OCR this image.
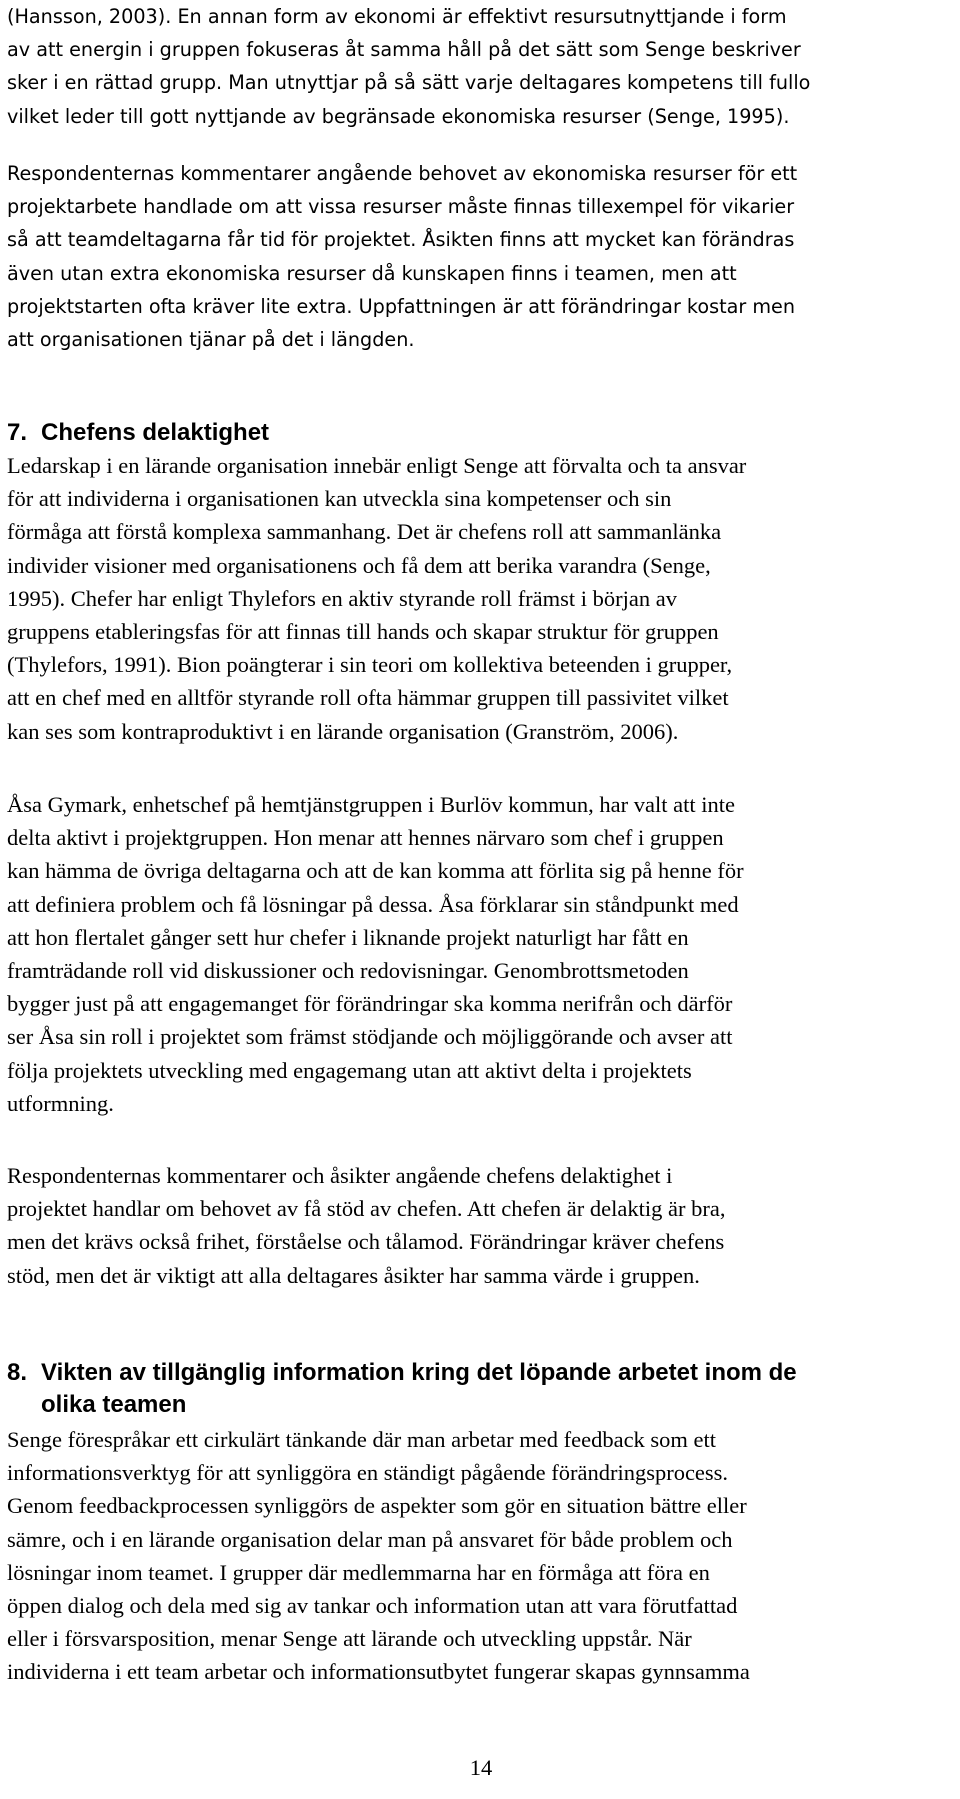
(Hansson, 2003). En annan form av ekonomi är effektivt resursutnyttjande i form
av att energin i gruppen fokuseras åt samma håll på det sätt som Senge beskriver
sker i en rättad grupp. Man utnyttjar på så sätt varje deltagares kompetens till fullo
vilket leder till gott nyttjande av begränsade ekonomiska resurser (Senge, 1995).

Respondenternas kommentarer angående behovet av ekonomiska resurser för ett
projektarbete handlade om att vissa resurser måste finnas tillexempel för vikarier
så att teamdeltagarna får tid för projektet. Åsikten finns att mycket kan förändras
även utan extra ekonomiska resurser då kunskapen finns i teamen, men att
projektstarten ofta kräver lite extra. Uppfattningen är att förändringar kostar men
att organisationen tjänar på det i längden.

7. Chefens delaktighet

Ledarskap i en lärande organisation innebär enligt Senge att förvalta och ta ansvar
för att individerna i organisationen kan utveckla sina kompetenser och sin
förmåga att förstå komplexa sammanhang. Det är chefens roll att sammanlänka
individer visioner med organisationens och få dem att berika varandra (Senge,
1995). Chefer har enligt Thylefors en aktiv styrande roll främst i början av
gruppens etableringsfas för att finnas till hands och skapar struktur för gruppen
(Thylefors, 1991). Bion poängterar i sin teori om kollektiva beteenden i grupper,
att en chef med en alltför styrande roll ofta hämmar gruppen till passivitet vilket
kan ses som kontraproduktivt i en lärande organisation (Granström, 2006).

Åsa Gymark, enhetschef på hemtjänstgruppen i Burlöv kommun, har valt att inte
delta aktivt i projektgruppen. Hon menar att hennes närvaro som chef i gruppen
kan hämma de övriga deltagarna och att de kan komma att förlita sig på henne för
att definiera problem och få lösningar på dessa. Åsa förklarar sin ståndpunkt med
att hon flertalet gånger sett hur chefer i liknande projekt naturligt har fått en
framträdande roll vid diskussioner och redovisningar. Genombrottsmetoden
bygger just på att engagemanget för förändringar ska komma nerifrån och därför
ser Åsa sin roll i projektet som främst stödjande och möjliggörande och avser att
följa projektets utveckling med engagemang utan att aktivt delta i projektets
utformning.

Respondenternas kommentarer och åsikter angående chefens delaktighet i
projektet handlar om behovet av få stöd av chefen. Att chefen är delaktig är bra,
men det krävs också frihet, förståelse och tålamod. Förändringar kräver chefens
stöd, men det är viktigt att alla deltagares åsikter har samma värde i gruppen.

8. Vikten av tillgänglig information kring det löpande arbetet inom de
olika teamen

Senge förespråkar ett cirkulärt tänkande där man arbetar med feedback som ett
informationsverktyg för att synliggöra en ständigt pågående förändringsprocess.
Genom feedbackprocessen synliggörs de aspekter som gör en situation bättre eller
sämre, och i en lärande organisation delar man på ansvaret för både problem och
lösningar inom teamet. I grupper där medlemmarna har en förmåga att föra en
öppen dialog och dela med sig av tankar och information utan att vara förutfattad
eller i försvarsposition, menar Senge att lärande och utveckling uppstår. När
individerna i ett team arbetar och informationsutbytet fungerar skapas gynnsamma

14
